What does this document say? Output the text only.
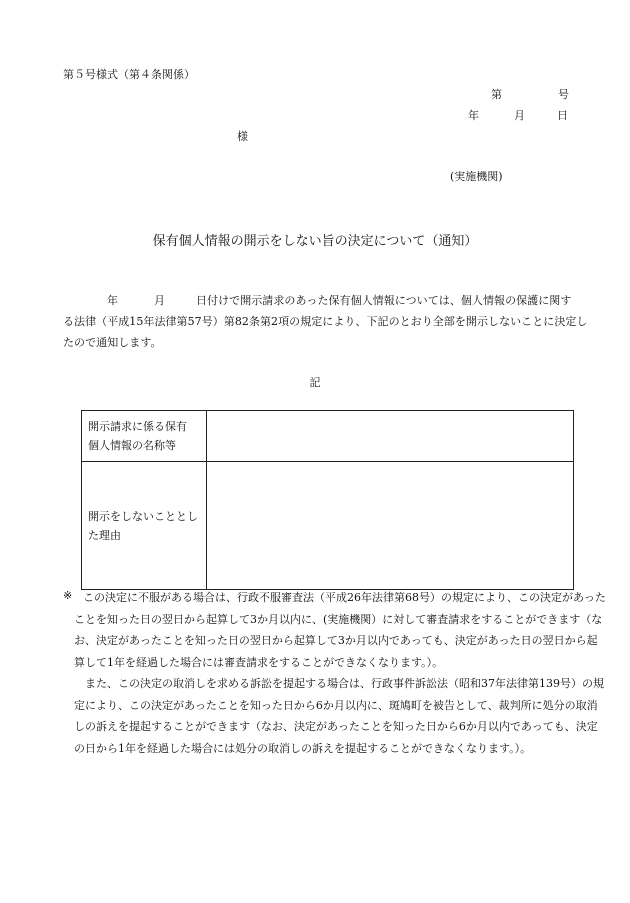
第５号様式（第４条関係）
第	号
年	月	日
様
(実施機関)
保有個人情報の開示をしない旨の決定について（通知）
年	月	日付けで開示請求のあった保有個人情報については、個人情報の保護に関す
る法律（平成15年法律第57号）第82条第2項の規定により、下記のとおり全部を開示しないことに決定し
たので通知します。
記
開示請求に係る保有
個人情報の名称等	

開示をしないこととし
た理由	

※ この決定に不服がある場合は、行政不服審査法（平成26年法律第68号）の規定により、この決定があった
ことを知った日の翌日から起算して3か月以内に、(実施機関）に対して審査請求をすることができます（な
お、決定があったことを知った日の翌日から起算して3か月以内であっても、決定があった日の翌日から起
算して1年を経過した場合には審査請求をすることができなくなります。）。
　また、この決定の取消しを求める訴訟を提起する場合は、行政事件訴訟法（昭和37年法律第139号）の規
定により、この決定があったことを知った日から6か月以内に、斑鳩町を被告として、裁判所に処分の取消
しの訴えを提起することができます（なお、決定があったことを知った日から6か月以内であっても、決定
の日から1年を経過した場合には処分の取消しの訴えを提起することができなくなります。）。
